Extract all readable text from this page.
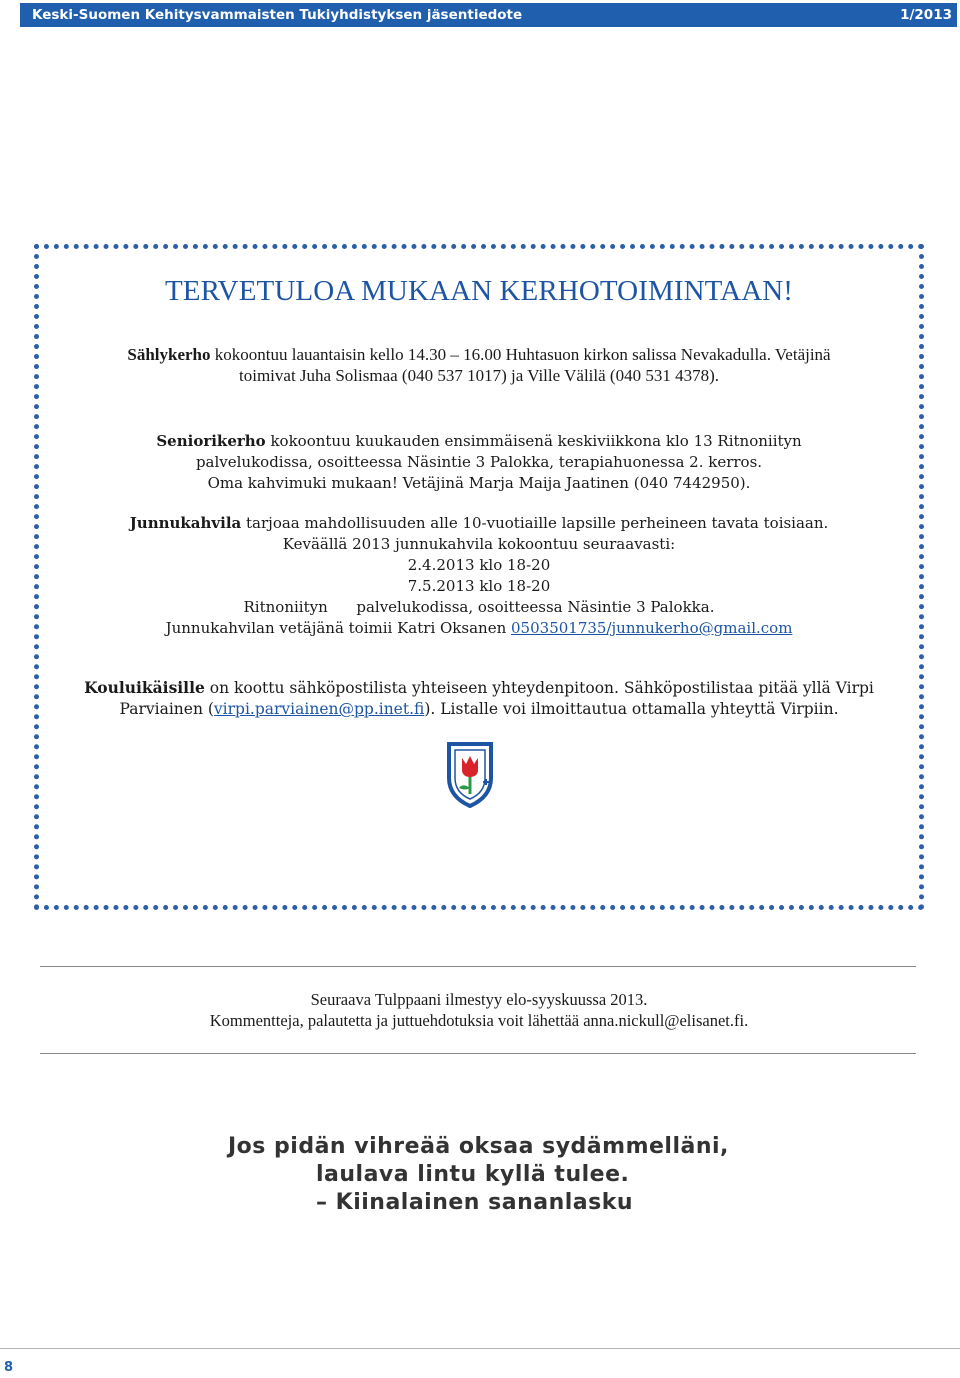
Keski-Suomen Kehitysvammaisten Tukiyhdistyksen jäsentiedote	1/2013
TERVETULOA MUKAAN KERHOTOIMINTAAN!
Sählykerho kokoontuu lauantaisin kello 14.30 – 16.00 Huhtasuon kirkon salissa Nevakadulla. Vetäjinä
toimivat Juha Solismaa (040 537 1017) ja Ville Välilä (040 531 4378).
Seniorikerho kokoontuu kuukauden ensimmäisenä keskiviikkona klo 13 Ritnoniityn
palvelukodissa, osoitteessa Näsintie 3 Palokka, terapiahuonessa 2. kerros.
Oma kahvimuki mukaan! Vetäjinä Marja Maija Jaatinen (040 7442950).
Junnukahvila tarjoaa mahdollisuuden alle 10-vuotiaille lapsille perheineen tavata toisiaan.
Keväällä 2013 junnukahvila kokoontuu seuraavasti:
2.4.2013 klo 18-20
7.5.2013 klo 18-20
Ritnoniityn      palvelukodissa, osoitteessa Näsintie 3 Palokka.
Junnukahvilan vetäjänä toimii Katri Oksanen 0503501735/junnukerho@gmail.com
Kouluikäisille on koottu sähköpostilista yhteiseen yhteydenpitoon. Sähköpostilistaa pitää yllä Virpi
Parviainen (virpi.parviainen@pp.inet.fi). Listalle voi ilmoittautua ottamalla yhteyttä Virpiin.
Seuraava Tulppaani ilmestyy elo-syyskuussa 2013.
Kommentteja, palautetta ja juttuehdotuksia voit lähettää anna.nickull@elisanet.fi.
Jos pidän vihreää oksaa sydämmelläni,
laulava lintu kyllä tulee.
– Kiinalainen sananlasku
8
